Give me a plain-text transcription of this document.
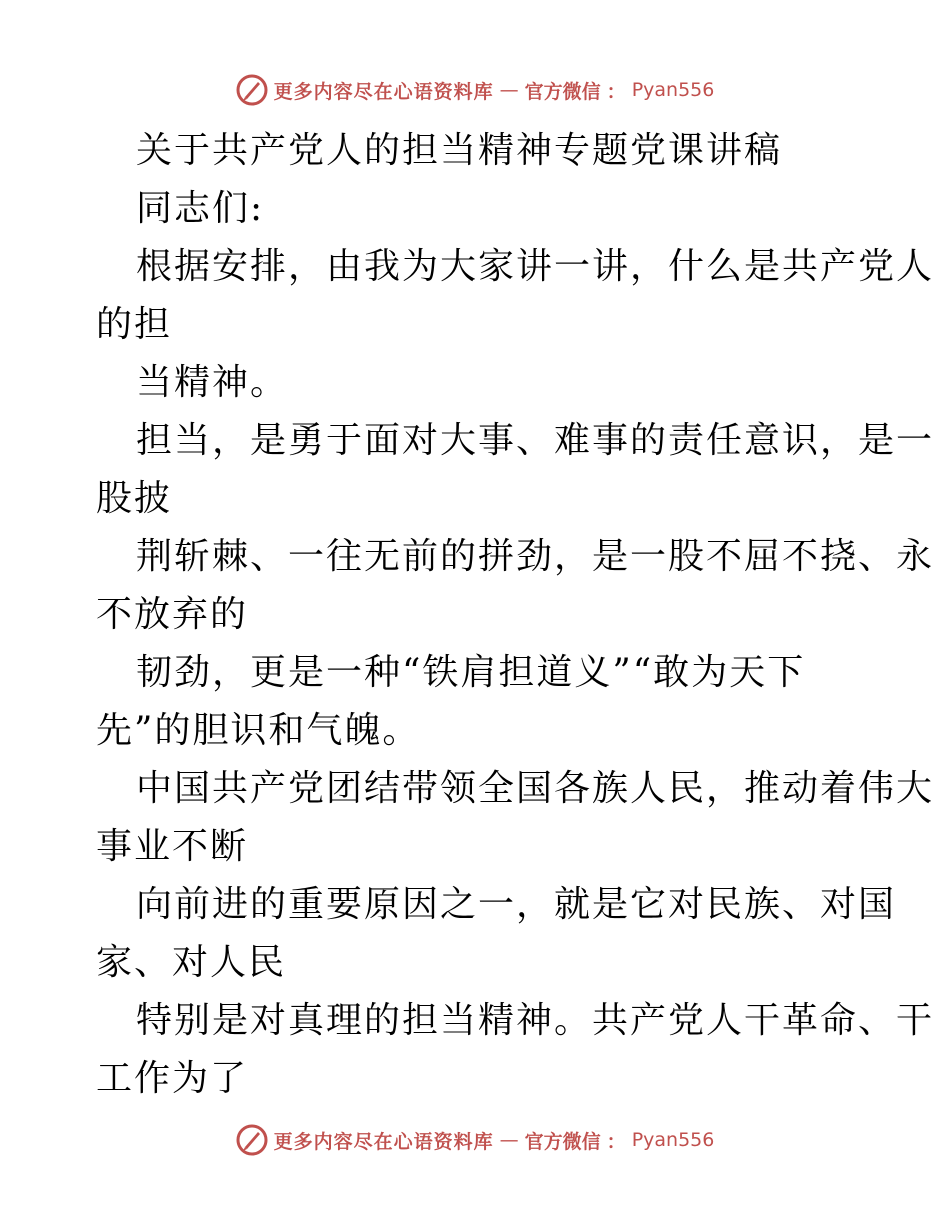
更多内容尽在心语资料库 — 官方微信 ： Pyan556
关于共产党人的担当精神专题党课讲稿
同志们:
根据安排，由我为大家讲一讲，什么是共产党人
的担
当精神。
担当，是勇于面对大事、难事的责任意识，是一
股披
荆斩棘、一往无前的拼劲，是一股不屈不挠、永
不放弃的
韧劲，更是一种“铁肩担道义”“敢为天下
先”的胆识和气魄。
中国共产党团结带领全国各族人民，推动着伟大
事业不断
向前进的重要原因之一，就是它对民族、对国
家、对人民
特别是对真理的担当精神。共产党人干革命、干
工作为了
更多内容尽在心语资料库 — 官方微信 ： Pyan556
